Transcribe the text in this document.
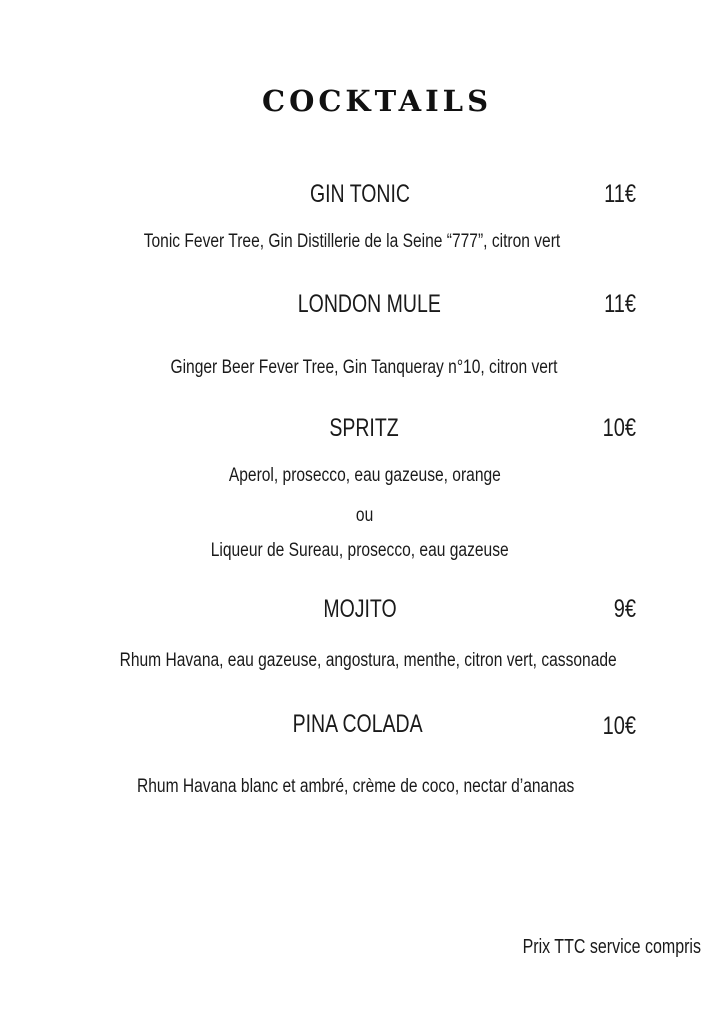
COCKTAILS
GIN TONIC	11€
Tonic Fever Tree, Gin Distillerie de la Seine “777”, citron vert
LONDON MULE	11€
Ginger Beer Fever Tree, Gin Tanqueray n°10, citron vert
SPRITZ	10€
Aperol, prosecco, eau gazeuse, orange
ou
Liqueur de Sureau, prosecco, eau gazeuse
MOJITO	9€
Rhum Havana, eau gazeuse, angostura, menthe, citron vert, cassonade
PINA COLADA	10€
Rhum Havana blanc et ambré, crème de coco, nectar d’ananas
Prix TTC service compris
